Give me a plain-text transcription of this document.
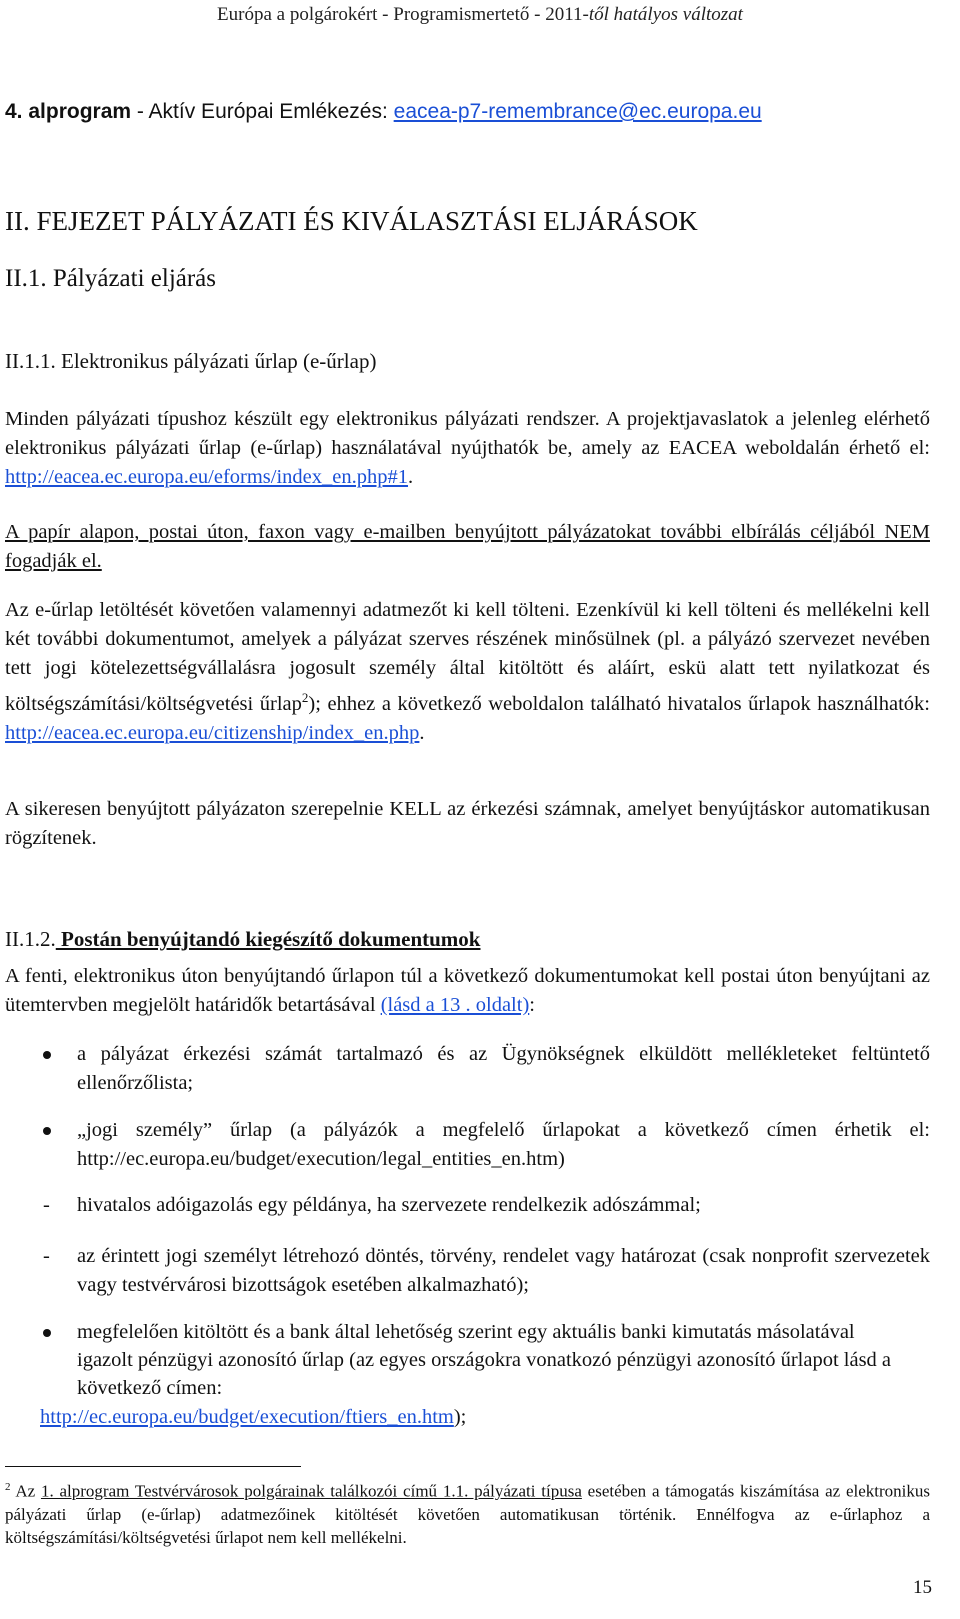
Európa a polgárokért - Programismertető - 2011-től hatályos változat
4. alprogram - Aktív Európai Emlékezés: eacea-p7-remembrance@ec.europa.eu
II. FEJEZET PÁLYÁZATI ÉS KIVÁLASZTÁSI ELJÁRÁSOK
II.1. Pályázati eljárás
II.1.1. Elektronikus pályázati űrlap (e-űrlap)
Minden pályázati típushoz készült egy elektronikus pályázati rendszer. A projektjavaslatok a jelenleg elérhető elektronikus pályázati űrlap (e-űrlap) használatával nyújthatók be, amely az EACEA weboldalán érhető el: http://eacea.ec.europa.eu/eforms/index_en.php#1.
A papír alapon, postai úton, faxon vagy e-mailben benyújtott pályázatokat további elbírálás céljából NEM fogadják el.
Az e-űrlap letöltését követően valamennyi adatmezőt ki kell tölteni. Ezenkívül ki kell tölteni és mellékelni kell két további dokumentumot, amelyek a pályázat szerves részének minősülnek (pl. a pályázó szervezet nevében tett jogi kötelezettségvállalásra jogosult személy által kitöltött és aláírt, eskü alatt tett nyilatkozat és költségszámítási/költségvetési űrlap$^2$); ehhez a következő weboldalon található hivatalos űrlapok használhatók: http://eacea.ec.europa.eu/citizenship/index_en.php.
A sikeresen benyújtott pályázaton szerepelnie KELL az érkezési számnak, amelyet benyújtáskor automatikusan rögzítenek.
II.1.2. Postán benyújtandó kiegészítő dokumentumok
A fenti, elektronikus úton benyújtandó űrlapon túl a következő dokumentumokat kell postai úton benyújtani az ütemtervben megjelölt határidők betartásával (lásd a 13 . oldalt):
a pályázat érkezési számát tartalmazó és az Ügynökségnek elküldött mellékleteket feltüntető ellenőrzőlista;
„jogi személy” űrlap (a pályázók a megfelelő űrlapokat a következő címen érhetik el: http://ec.europa.eu/budget/execution/legal_entities_en.htm)
- hivatalos adóigazolás egy példánya, ha szervezete rendelkezik adószámmal;
- az érintett jogi személyt létrehozó döntés, törvény, rendelet vagy határozat (csak nonprofit szervezetek vagy testvérvárosi bizottságok esetében alkalmazható);
megfelelően kitöltött és a bank által lehetőség szerint egy aktuális banki kimutatás másolatával igazolt pénzügyi azonosító űrlap (az egyes országokra vonatkozó pénzügyi azonosító űrlapot lásd a következő címen:
http://ec.europa.eu/budget/execution/ftiers_en.htm);
$^2$ Az 1. alprogram Testvérvárosok polgárainak találkozói című 1.1. pályázati típusa esetében a támogatás kiszámítása az elektronikus pályázati űrlap (e-űrlap) adatmezőinek kitöltését követően automatikusan történik. Ennélfogva az e-űrlaphoz a költségszámítási/költségvetési űrlapot nem kell mellékelni.
15
